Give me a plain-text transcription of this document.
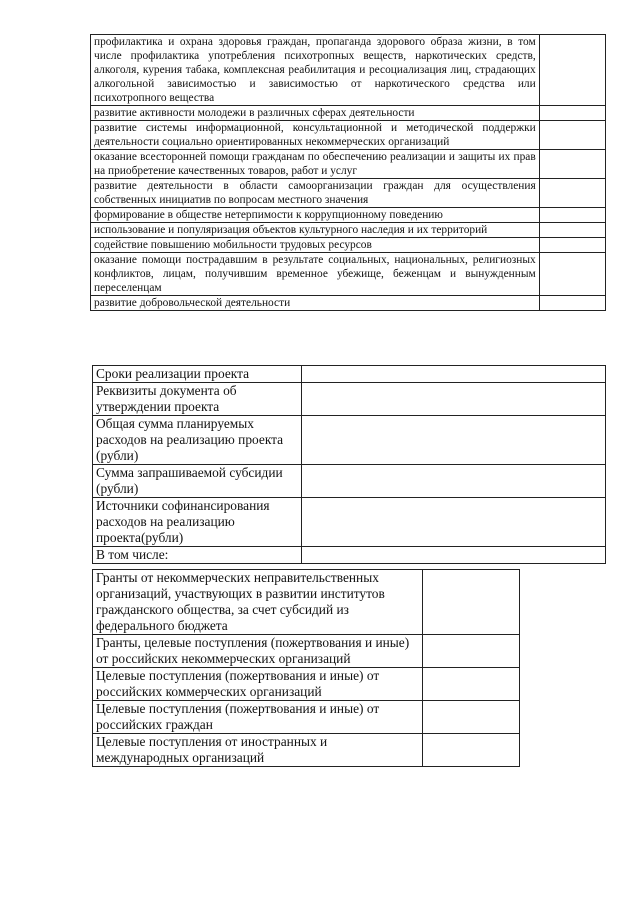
профилактика и охрана здоровья граждан, пропаганда здорового образа жизни, в том числе профилактика употребления психотропных веществ, наркотических средств, алкоголя, курения табака, комплексная реабилитация и ресоциализация лиц, страдающих алкогольной зависимостью и зависимостью от наркотического средства или психотропного вещества	
развитие активности молодежи в различных сферах деятельности	
развитие системы информационной, консультационной и методической поддержки деятельности социально ориентированных некоммерческих организаций	
оказание всесторонней помощи гражданам по обеспечению реализации и защиты их прав на приобретение качественных товаров, работ и услуг	
развитие деятельности в области самоорганизации граждан для осуществления собственных инициатив по вопросам местного значения	
формирование в обществе нетерпимости к коррупционному поведению	
использование и популяризация объектов культурного наследия и их территорий	
содействие повышению мобильности трудовых ресурсов	
оказание помощи пострадавшим в результате социальных, национальных, религиозных конфликтов, лицам, получившим временное убежище, беженцам и вынужденным переселенцам	
развитие добровольческой деятельности	
Сроки реализации проекта	
Реквизиты документа об утверждении проекта	
Общая сумма планируемых расходов на реализацию проекта (рубли)	
Сумма запрашиваемой субсидии (рубли)	
Источники софинансирования расходов на реализацию проекта(рубли)	
В том числе:	
Гранты от некоммерческих неправительственных организаций, участвующих в развитии институтов гражданского общества, за счет субсидий из федерального бюджета	
Гранты, целевые поступления (пожертвования и иные) от российских некоммерческих организаций	
Целевые поступления (пожертвования и иные) от российских коммерческих организаций	
Целевые поступления (пожертвования и иные) от российских граждан	
Целевые поступления от иностранных и международных организаций	
